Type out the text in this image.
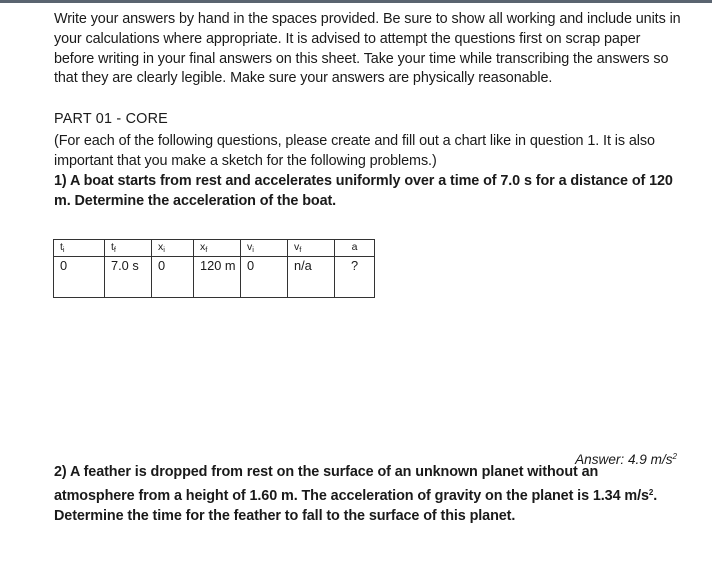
Write your answers by hand in the spaces provided. Be sure to show all working and include units in your calculations where appropriate. It is advised to attempt the questions first on scrap paper before writing in your final answers on this sheet. Take your time while transcribing the answers so that they are clearly legible. Make sure your answers are physically reasonable.

PART 01 - CORE

(For each of the following questions, please create and fill out a chart like in question 1. It is also important that you make a sketch for the following problems.)

1) A boat starts from rest and accelerates uniformly over a time of 7.0 s for a distance of 120 m. Determine the acceleration of the boat.

$t_i$	$t_f$	$x_i$	$x_f$	$v_i$	$v_f$	a
0	7.0 s	0	120 m	0	n/a	?

Answer: 4.9 $m/s^2$

2) A feather is dropped from rest on the surface of an unknown planet without an atmosphere from a height of 1.60 m. The acceleration of gravity on the planet is 1.34 $m/s^2$. Determine the time for the feather to fall to the surface of this planet.
